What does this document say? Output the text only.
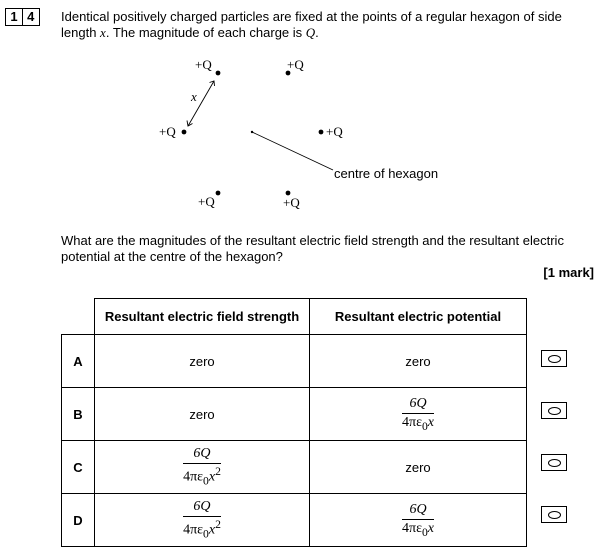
1 4	Identical positively charged particles are fixed at the points of a regular hexagon of side length x. The magnitude of each charge is Q.
+Q	+Q
+Q	+Q
+Q	+Q
x
centre of hexagon
What are the magnitudes of the resultant electric field strength and the resultant electric potential at the centre of the hexagon?
[1 mark]
	Resultant electric field strength	Resultant electric potential
A	zero	zero
B	zero	$\frac{6Q}{4\pi\varepsilon_0x}$

C	$\frac{6Q}{4\pi\varepsilon_0x^2}$	zero
D	$\frac{6Q}{4\pi\varepsilon_0x^2}$	$\frac{6Q}{4\pi\varepsilon_0x}$
